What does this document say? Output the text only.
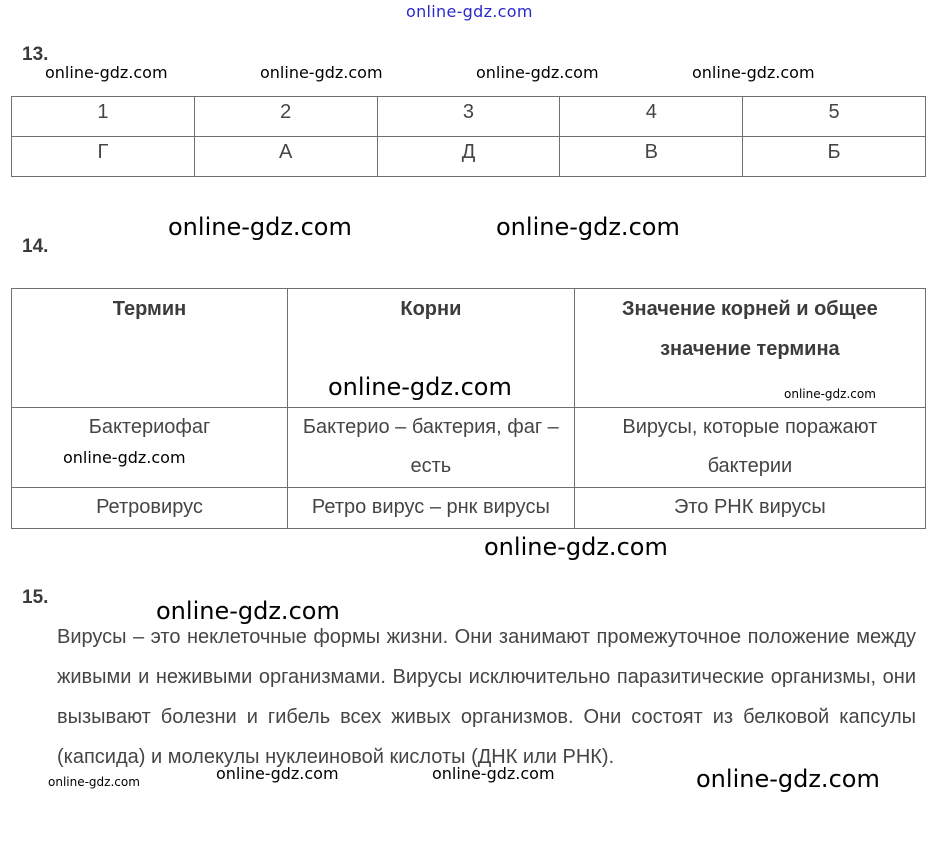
online-gdz.com
13.
online-gdz.com	online-gdz.com	online-gdz.com	online-gdz.com
1	2	3	4	5
Г	А	Д	В	Б
online-gdz.com	online-gdz.com
14.
Термин	Корни	Значение корней и общее значение термина
Бактериофаг	Бактерио – бактерия, фаг – есть	Вирусы, которые поражают бактерии
Ретровирус	Ретро вирус – рнк вирусы	Это РНК вирусы
online-gdz.com	online-gdz.com
online-gdz.com
online-gdz.com
15.	online-gdz.com
Вирусы – это неклеточные формы жизни. Они занимают промежуточное положение между живыми и неживыми организмами. Вирусы исключительно паразитические организмы, они вызывают болезни и гибель всех живых организмов. Они состоят из белковой капсулы (капсида) и молекулы нуклеиновой кислоты (ДНК или РНК).
online-gdz.com	online-gdz.com	online-gdz.com	online-gdz.com
